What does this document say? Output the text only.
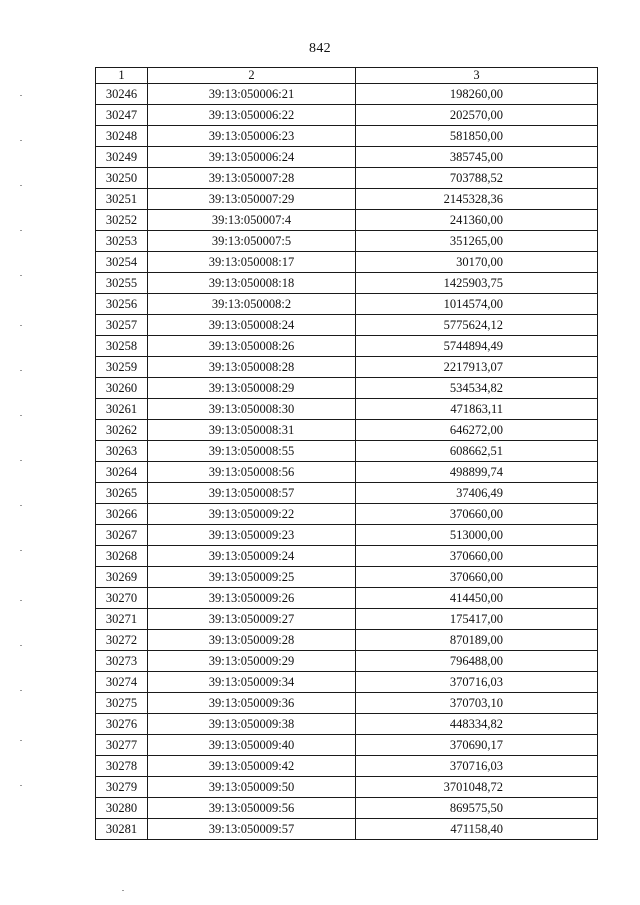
842
1	2	3
30246	39:13:050006:21	198260,00
30247	39:13:050006:22	202570,00
30248	39:13:050006:23	581850,00
30249	39:13:050006:24	385745,00
30250	39:13:050007:28	703788,52
30251	39:13:050007:29	2145328,36
30252	39:13:050007:4	241360,00
30253	39:13:050007:5	351265,00
30254	39:13:050008:17	30170,00
30255	39:13:050008:18	1425903,75
30256	39:13:050008:2	1014574,00
30257	39:13:050008:24	5775624,12
30258	39:13:050008:26	5744894,49
30259	39:13:050008:28	2217913,07
30260	39:13:050008:29	534534,82
30261	39:13:050008:30	471863,11
30262	39:13:050008:31	646272,00
30263	39:13:050008:55	608662,51
30264	39:13:050008:56	498899,74
30265	39:13:050008:57	37406,49
30266	39:13:050009:22	370660,00
30267	39:13:050009:23	513000,00
30268	39:13:050009:24	370660,00
30269	39:13:050009:25	370660,00
30270	39:13:050009:26	414450,00
30271	39:13:050009:27	175417,00
30272	39:13:050009:28	870189,00
30273	39:13:050009:29	796488,00
30274	39:13:050009:34	370716,03
30275	39:13:050009:36	370703,10
30276	39:13:050009:38	448334,82
30277	39:13:050009:40	370690,17
30278	39:13:050009:42	370716,03
30279	39:13:050009:50	3701048,72
30280	39:13:050009:56	869575,50
30281	39:13:050009:57	471158,40
